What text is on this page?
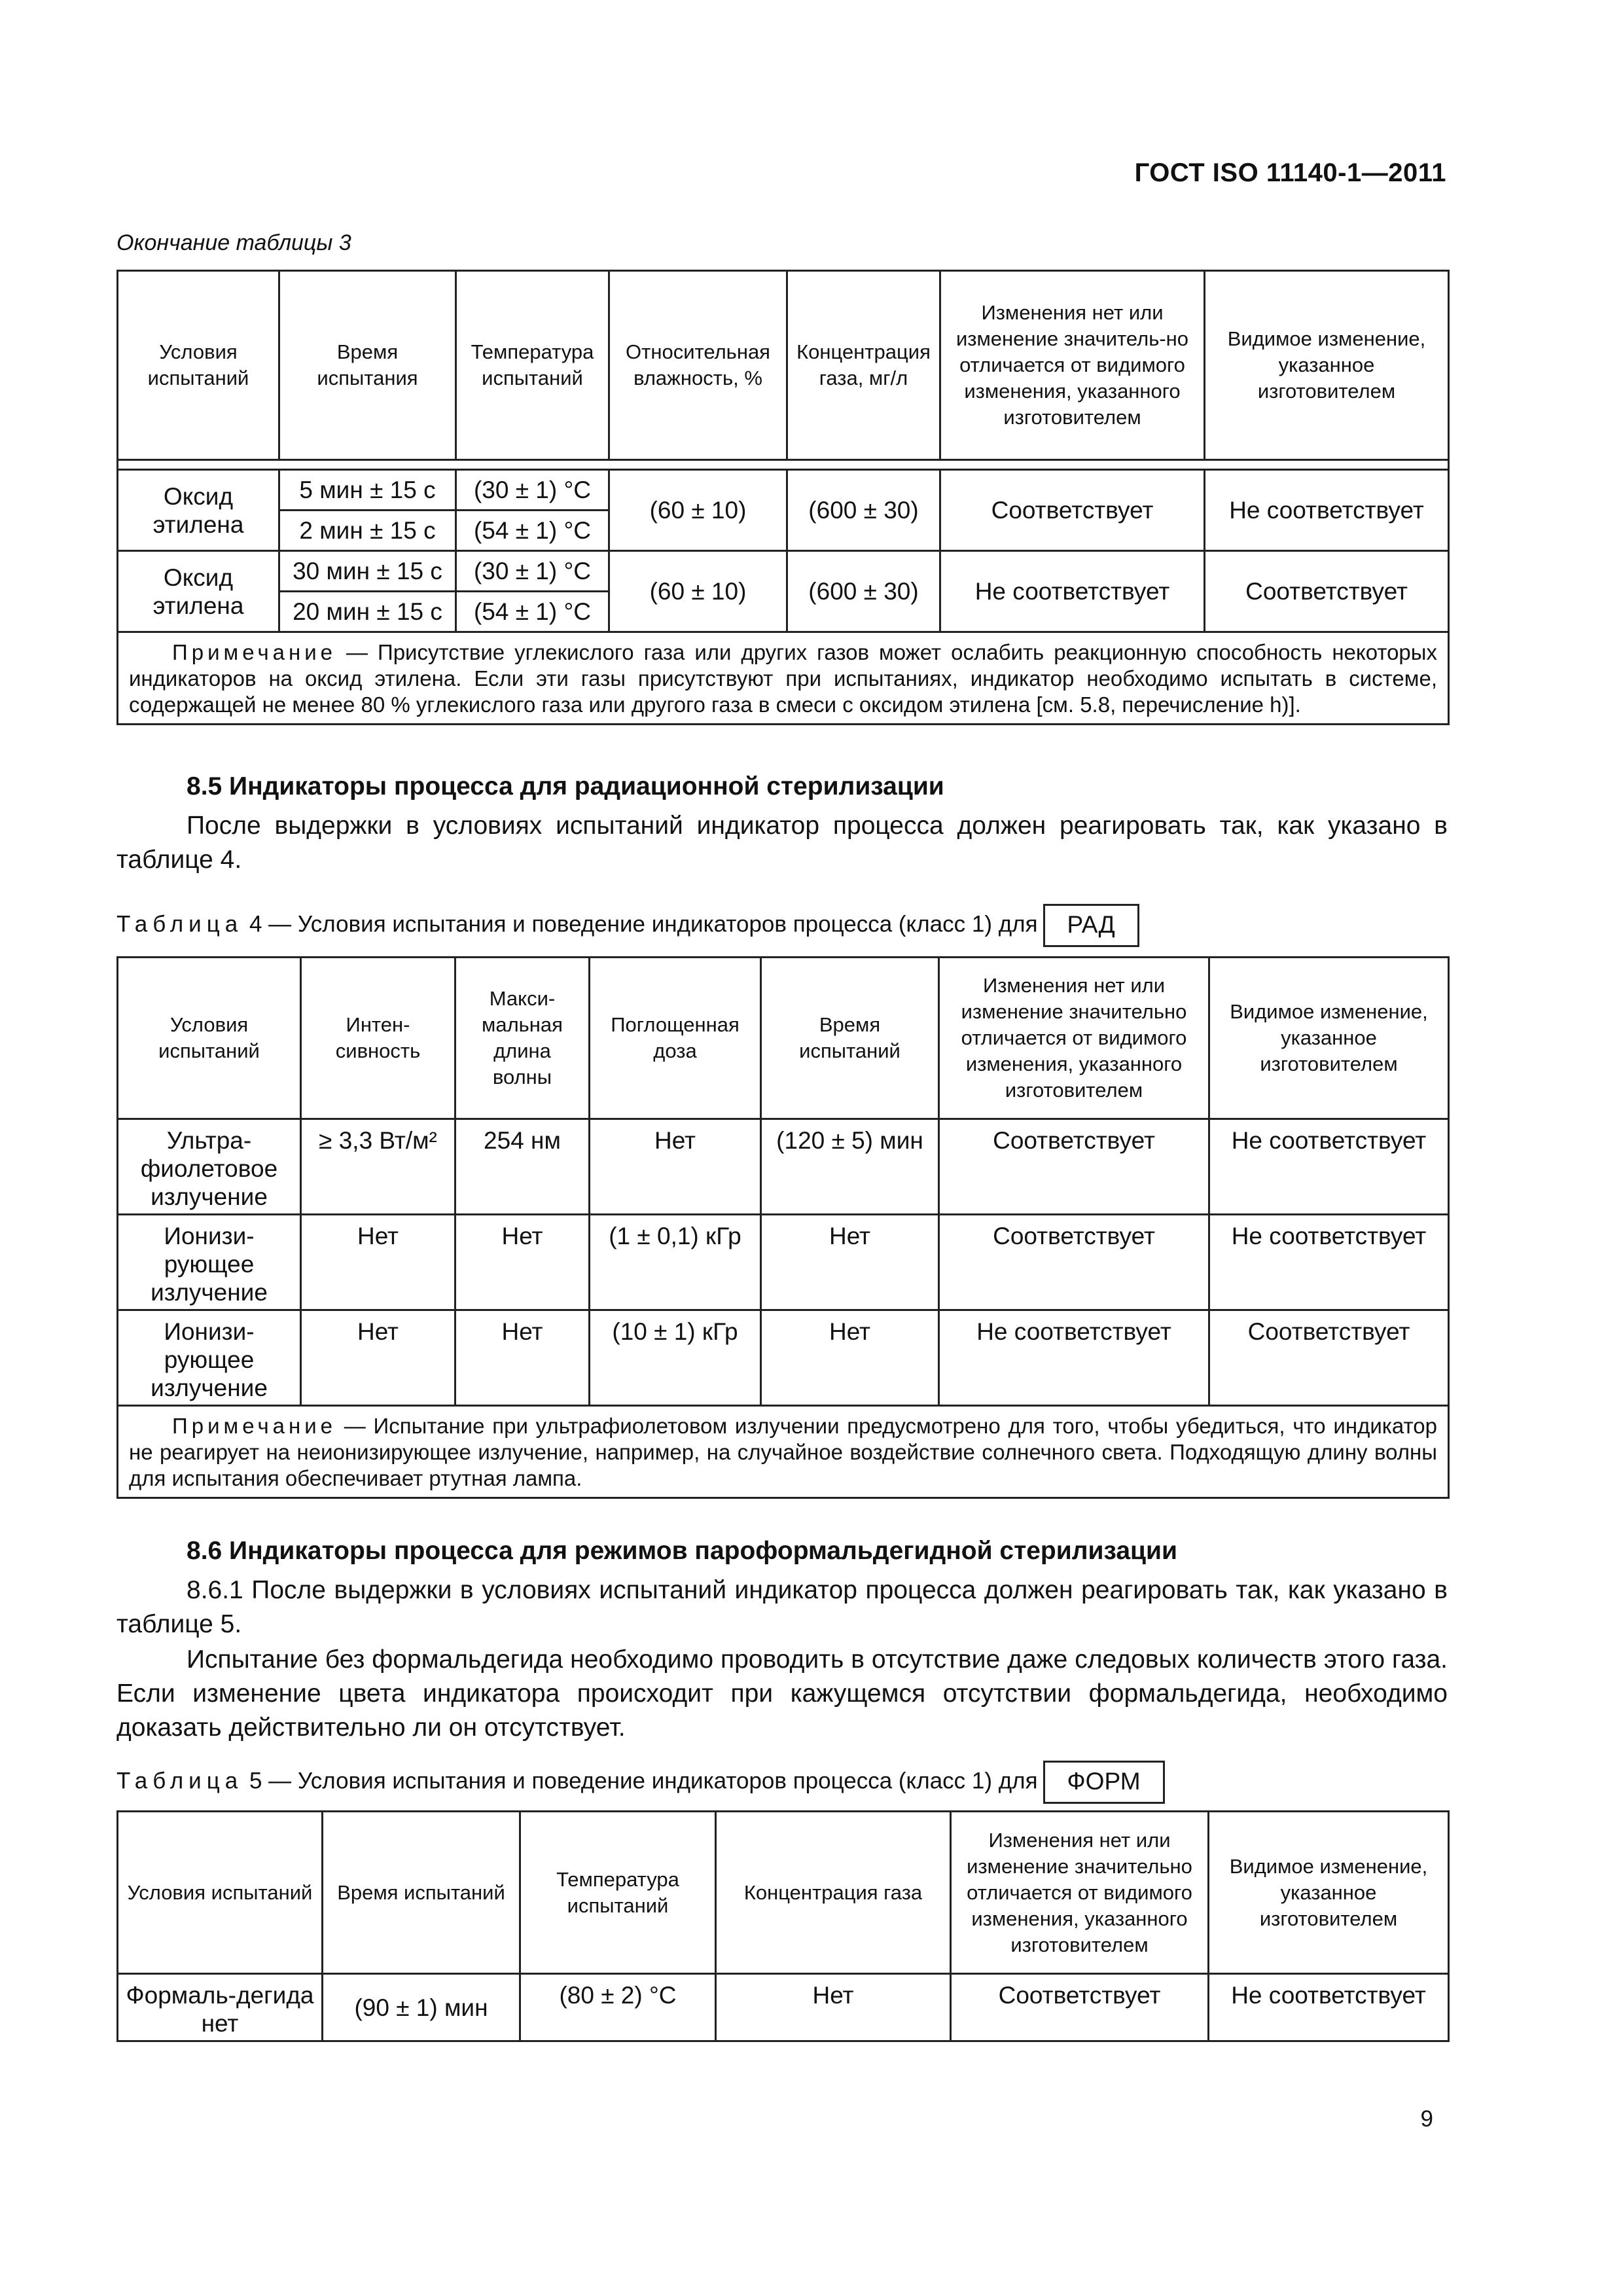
ГОСТ ISO 11140-1—2011
Окончание таблицы 3
Условия испытаний	Время испытания	Температура испытаний	Относительная влажность, %	Концентрация газа, мг/л	Изменения нет или изменение значитель-но отличается от видимого изменения, указанного изготовителем	Видимое изменение, указанное изготовителем

Оксид этилена	5 мин ± 15 с	(30 ± 1) °C	(60 ± 10)	(600 ± 30)	Соответствует	Не соответствует
	2 мин ± 15 с	(54 ± 1) °C				
Оксид этилена	30 мин ± 15 с	(30 ± 1) °C	(60 ± 10)	(600 ± 30)	Не соответствует	Соответствует
	20 мин ± 15 с	(54 ± 1) °C				
Примечание — Присутствие углекислого газа или других газов может ослабить реакционную способность некоторых индикаторов на оксид этилена. Если эти газы присутствуют при испытаниях, индикатор необходимо испытать в системе, содержащей не менее 80 % углекислого газа или другого газа в смеси с оксидом этилена [см. 5.8, перечисление h)].						
8.5 Индикаторы процесса для радиационной стерилизации
После выдержки в условиях испытаний индикатор процесса должен реагировать так, как указано в таблице 4.
Таблица 4 — Условия испытания и поведение индикаторов процесса (класс 1) для РАД
Условия испытаний	Интен-сивность	Макси-мальная длина волны	Поглощенная доза	Время испытаний	Изменения нет или изменение значительно отличается от видимого изменения, указанного изготовителем	Видимое изменение, указанное изготовителем
Ультра-фиолетовое излучение	≥ 3,3 Вт/м²	254 нм	Нет	(120 ± 5) мин	Соответствует	Не соответствует
Ионизи-рующее излучение	Нет	Нет	(1 ± 0,1) кГр	Нет	Соответствует	Не соответствует
Ионизи-рующее излучение	Нет	Нет	(10 ± 1) кГр	Нет	Не соответствует	Соответствует
Примечание — Испытание при ультрафиолетовом излучении предусмотрено для того, чтобы убедиться, что индикатор не реагирует на неионизирующее излучение, например, на случайное воздействие солнечного света. Подходящую длину волны для испытания обеспечивает ртутная лампа.						
8.6 Индикаторы процесса для режимов пароформальдегидной стерилизации
8.6.1 После выдержки в условиях испытаний индикатор процесса должен реагировать так, как указано в таблице 5.
Испытание без формальдегида необходимо проводить в отсутствие даже следовых количеств этого газа. Если изменение цвета индикатора происходит при кажущемся отсутствии формальдегида, необходимо доказать действительно ли он отсутствует.
Таблица 5 — Условия испытания и поведение индикаторов процесса (класс 1) для ФОРМ
Условия испытаний	Время испытаний	Температура испытаний	Концентрация газа	Изменения нет или изменение значительно отличается от видимого изменения, указанного изготовителем	Видимое изменение, указанное изготовителем
Формаль-дегида нет	(90 ± 1) мин	(80 ± 2) °C	Нет	Соответствует	Не соответствует
9
